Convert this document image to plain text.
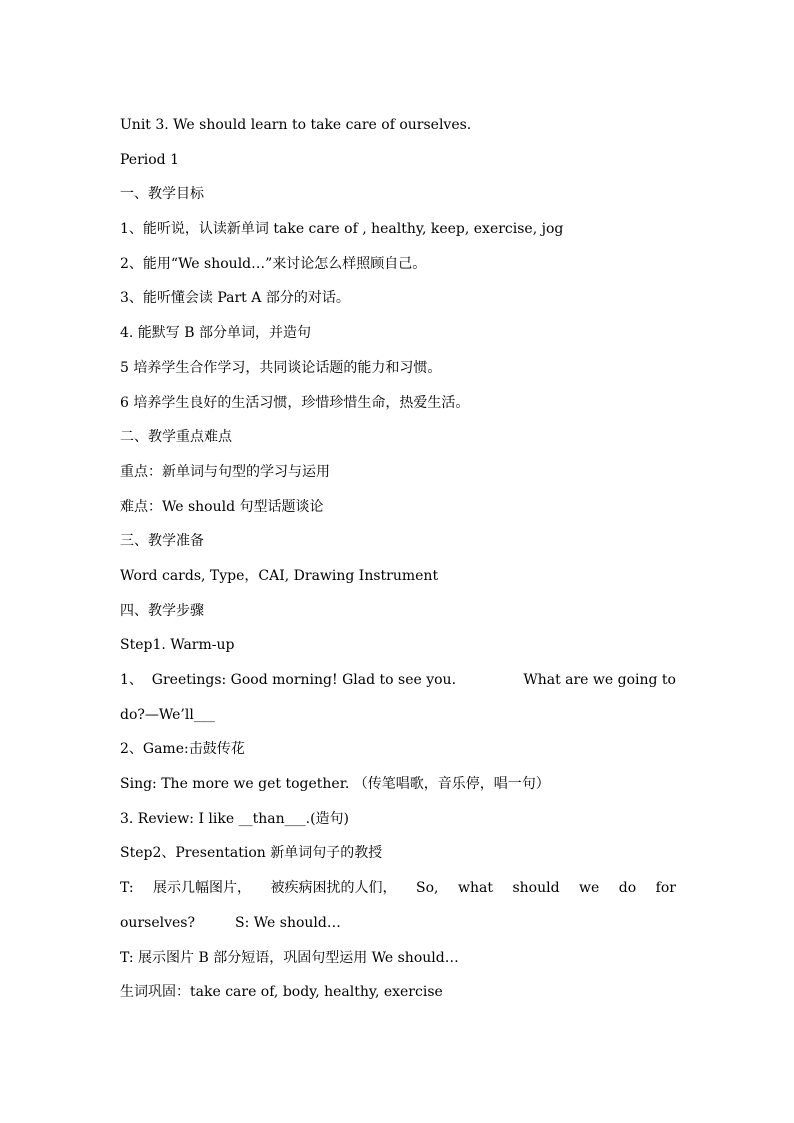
Unit 3. We should learn to take care of ourselves.
Period 1
一、教学目标
1、能听说，认读新单词 take care of , healthy, keep, exercise, jog
2、能用“We should…”来讨论怎么样照顾自己。
3、能听懂会读 Part A 部分的对话。
4. 能默写 B 部分单词，并造句
5 培养学生合作学习，共同谈论话题的能力和习惯。
6 培养学生良好的生活习惯，珍惜珍惜生命，热爱生活。
二、教学重点难点
重点：新单词与句型的学习与运用
难点：We should 句型话题谈论
三、教学准备
Word cards, Type，CAI, Drawing Instrument
四、教学步骤
Step1. Warm-up
1、  Greetings: Good morning! Glad to see you.	What are we going to
do?—We’ll___
2、Game:击鼓传花
Sing: The more we get together. （传笔唱歌，音乐停，唱一句）
3. Review: I like __than___.(造句)
Step2、Presentation 新单词句子的教授
T: 展示几幅图片， 被疾病困扰的人们， So, what should we do for
ourselves?         S: We should…
T: 展示图片 B 部分短语，巩固句型运用 We should…
生词巩固：take care of, body, healthy, exercise
